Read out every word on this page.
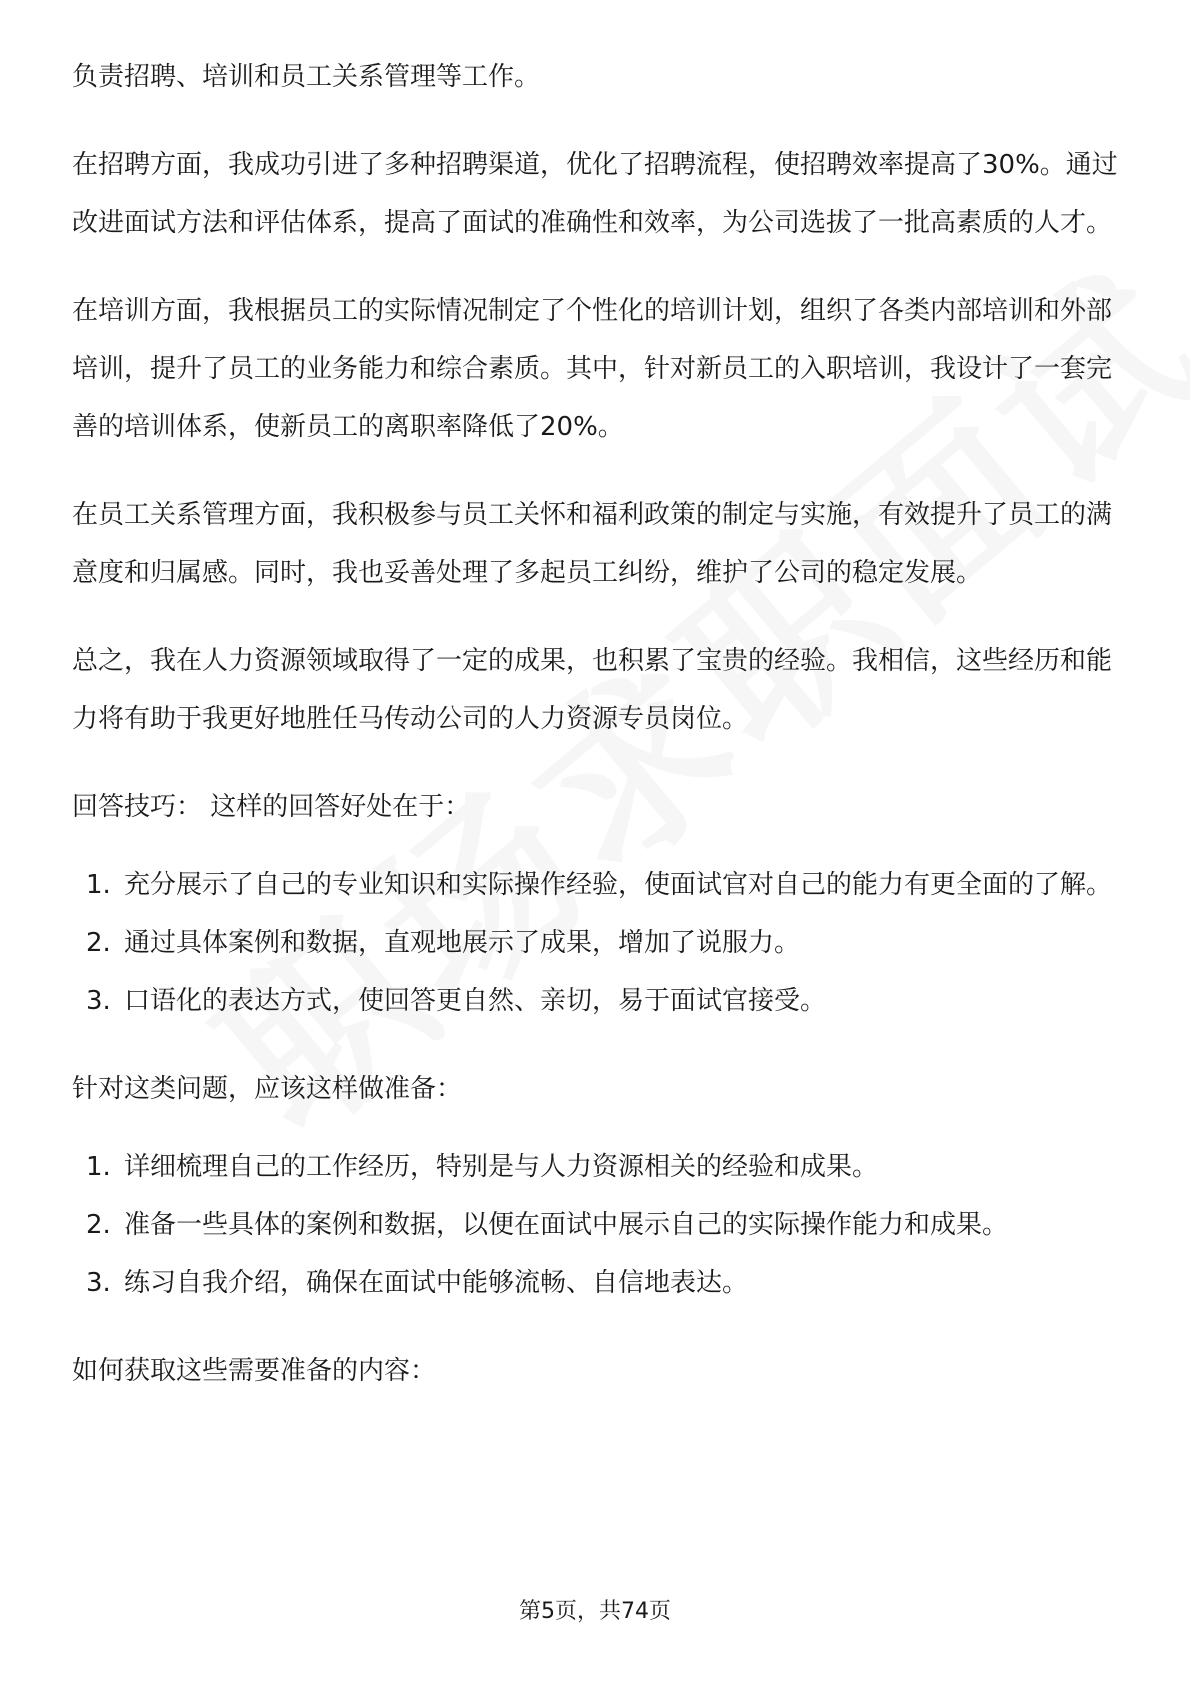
负责招聘、培训和员工关系管理等工作。

在招聘方面，我成功引进了多种招聘渠道，优化了招聘流程，使招聘效率提高了30%。通过改进面试方法和评估体系，提高了面试的准确性和效率，为公司选拔了一批高素质的人才。

在培训方面，我根据员工的实际情况制定了个性化的培训计划，组织了各类内部培训和外部培训，提升了员工的业务能力和综合素质。其中，针对新员工的入职培训，我设计了一套完善的培训体系，使新员工的离职率降低了20%。

在员工关系管理方面，我积极参与员工关怀和福利政策的制定与实施，有效提升了员工的满意度和归属感。同时，我也妥善处理了多起员工纠纷，维护了公司的稳定发展。

总之，我在人力资源领域取得了一定的成果，也积累了宝贵的经验。我相信，这些经历和能力将有助于我更好地胜任马传动公司的人力资源专员岗位。

回答技巧： 这样的回答好处在于：

1. 充分展示了自己的专业知识和实际操作经验，使面试官对自己的能力有更全面的了解。
2. 通过具体案例和数据，直观地展示了成果，增加了说服力。
3. 口语化的表达方式，使回答更自然、亲切，易于面试官接受。

针对这类问题，应该这样做准备：

1. 详细梳理自己的工作经历，特别是与人力资源相关的经验和成果。
2. 准备一些具体的案例和数据，以便在面试中展示自己的实际操作能力和成果。
3. 练习自我介绍，确保在面试中能够流畅、自信地表达。

如何获取这些需要准备的内容：

第5页，共74页
